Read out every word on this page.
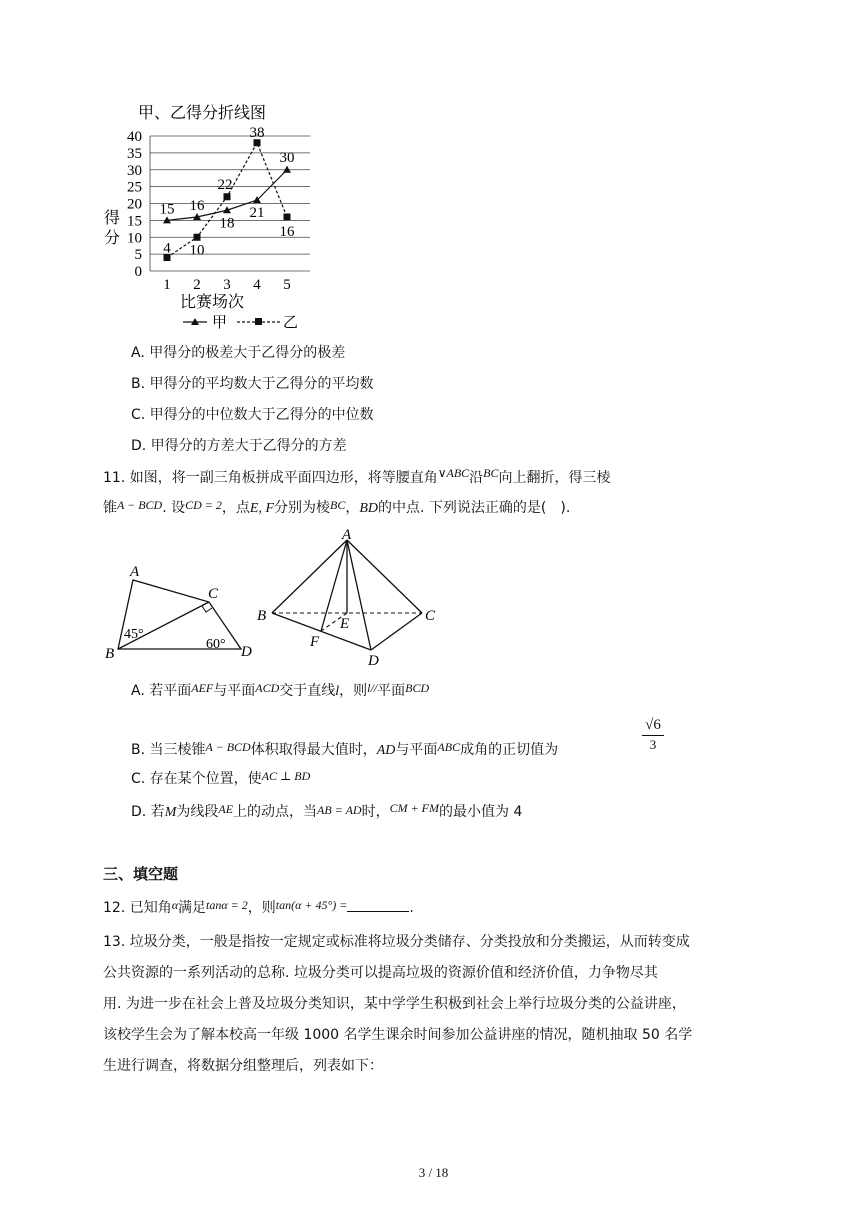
甲、乙得分折线图
0
5
10
15
20
25
30
35
40
1 2 3 4 5
得
分
15 16
18
21
30
4 10
22
38
16
比赛场次
甲	乙
A. 甲得分的极差大于乙得分的极差
B. 甲得分的平均数大于乙得分的平均数
C. 甲得分的中位数大于乙得分的中位数
D. 甲得分的方差大于乙得分的方差
11. 如图，将一副三角板拼成平面四边形，将等腰直角∨ABC沿BC向上翻折，得三棱
锥A − BCD. 设CD = 2，点E, F分别为棱BC，BD的中点. 下列说法正确的是(　).
A
B
C
D
45°
60°
A
B	C
D
E
F
A. 若平面AEF与平面ACD交于直线l，则l//平面BCD
B. 当三棱锥A − BCD体积取得最大值时，AD与平面ABC成角的正切值为
√6
3
C. 存在某个位置，使AC ⊥ BD
D. 若M为线段AE上的动点，当AB = AD时，CM + FM的最小值为 4
三、填空题
12. 已知角α满足tanα = 2，则tan(α + 45°) =	.
13. 垃圾分类，一般是指按一定规定或标准将垃圾分类储存、分类投放和分类搬运，从而转变成
公共资源的一系列活动的总称. 垃圾分类可以提高垃圾的资源价值和经济价值，力争物尽其
用. 为进一步在社会上普及垃圾分类知识，某中学学生积极到社会上举行垃圾分类的公益讲座，
该校学生会为了解本校高一年级 1000 名学生课余时间参加公益讲座的情况，随机抽取 50 名学
生进行调查，将数据分组整理后，列表如下：
3 / 18
